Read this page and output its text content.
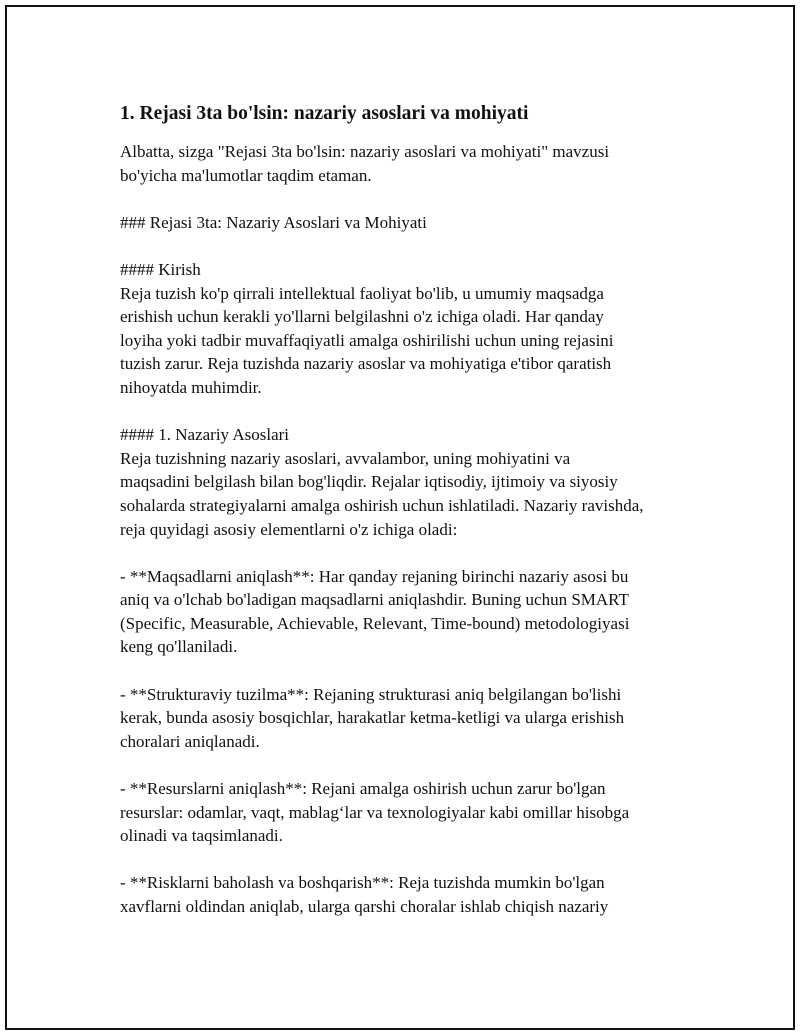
1. Rejasi 3ta bo'lsin: nazariy asoslari va mohiyati

Albatta, sizga "Rejasi 3ta bo'lsin: nazariy asoslari va mohiyati" mavzusi
bo'yicha ma'lumotlar taqdim etaman.

### Rejasi 3ta: Nazariy Asoslari va Mohiyati

#### Kirish
Reja tuzish ko'p qirrali intellektual faoliyat bo'lib, u umumiy maqsadga
erishish uchun kerakli yo'llarni belgilashni o'z ichiga oladi. Har qanday
loyiha yoki tadbir muvaffaqiyatli amalga oshirilishi uchun uning rejasini
tuzish zarur. Reja tuzishda nazariy asoslar va mohiyatiga e'tibor qaratish
nihoyatda muhimdir.

#### 1. Nazariy Asoslari
Reja tuzishning nazariy asoslari, avvalambor, uning mohiyatini va
maqsadini belgilash bilan bog'liqdir. Rejalar iqtisodiy, ijtimoiy va siyosiy
sohalarda strategiyalarni amalga oshirish uchun ishlatiladi. Nazariy ravishda,
reja quyidagi asosiy elementlarni o'z ichiga oladi:

- **Maqsadlarni aniqlash**: Har qanday rejaning birinchi nazariy asosi bu
aniq va o'lchab bo'ladigan maqsadlarni aniqlashdir. Buning uchun SMART
(Specific, Measurable, Achievable, Relevant, Time-bound) metodologiyasi
keng qo'llaniladi.

- **Strukturaviy tuzilma**: Rejaning strukturasi aniq belgilangan bo'lishi
kerak, bunda asosiy bosqichlar, harakatlar ketma-ketligi va ularga erishish
choralari aniqlanadi.

- **Resurslarni aniqlash**: Rejani amalga oshirish uchun zarur bo'lgan
resurslar: odamlar, vaqt, mablag‘lar va texnologiyalar kabi omillar hisobga
olinadi va taqsimlanadi.

- **Risklarni baholash va boshqarish**: Reja tuzishda mumkin bo'lgan
xavflarni oldindan aniqlab, ularga qarshi choralar ishlab chiqish nazariy
